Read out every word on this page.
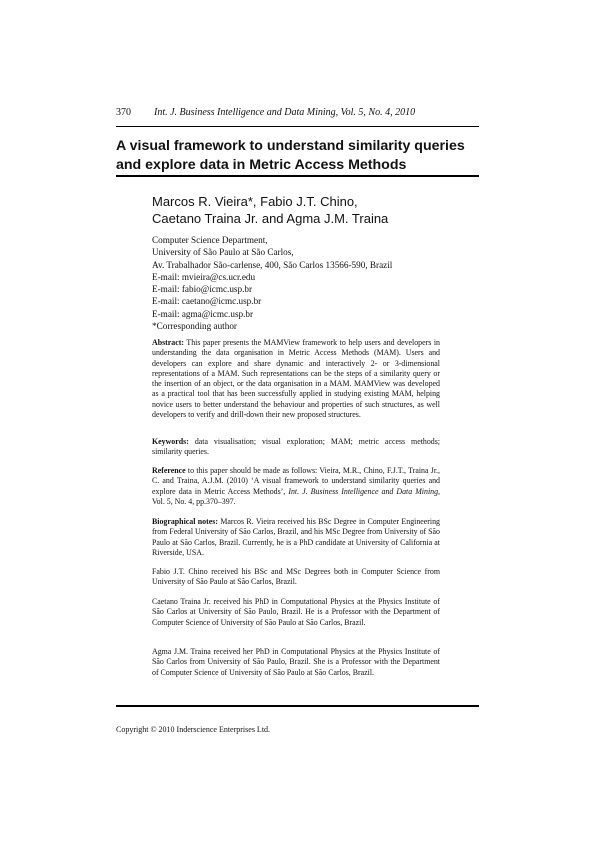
370 Int. J. Business Intelligence and Data Mining, Vol. 5, No. 4, 2010
A visual framework to understand similarity queries
and explore data in Metric Access Methods
Marcos R. Vieira*, Fabio J.T. Chino,
Caetano Traina Jr. and Agma J.M. Traina
Computer Science Department,
University of São Paulo at São Carlos,
Av. Trabalhador São-carlense, 400, São Carlos 13566-590, Brazil
E-mail: mvieira@cs.ucr.edu
E-mail: fabio@icmc.usp.br
E-mail: caetano@icmc.usp.br
E-mail: agma@icmc.usp.br
*Corresponding author
Abstract: This paper presents the MAMView framework to help users and developers in understanding the data organisation in Metric Access Methods (MAM). Users and developers can explore and share dynamic and interactively 2- or 3-dimensional representations of a MAM. Such representations can be the steps of a similarity query or the insertion of an object, or the data organisation in a MAM. MAMView was developed as a practical tool that has been successfully applied in studying existing MAM, helping novice users to better understand the behaviour and properties of such structures, as well developers to verify and drill-down their new proposed structures.
Keywords: data visualisation; visual exploration; MAM; metric access methods; similarity queries.
Reference to this paper should be made as follows: Vieira, M.R., Chino, F.J.T., Traina Jr., C. and Traina, A.J.M. (2010) ‘A visual framework to understand similarity queries and explore data in Metric Access Methods’, Int. J. Business Intelligence and Data Mining, Vol. 5, No. 4, pp.370–397.
Biographical notes: Marcos R. Vieira received his BSc Degree in Computer Engineering from Federal University of São Carlos, Brazil, and his MSc Degree from University of São Paulo at São Carlos, Brazil. Currently, he is a PhD candidate at University of California at Riverside, USA.
Fabio J.T. Chino received his BSc and MSc Degrees both in Computer Science from University of São Paulo at São Carlos, Brazil.
Caetano Traina Jr. received his PhD in Computational Physics at the Physics Institute of São Carlos at University of São Paulo, Brazil. He is a Professor with the Department of Computer Science of University of São Paulo at São Carlos, Brazil.
Agma J.M. Traina received her PhD in Computational Physics at the Physics Institute of São Carlos from University of São Paulo, Brazil. She is a Professor with the Department of Computer Science of University of São Paulo at São Carlos, Brazil.
Copyright © 2010 Inderscience Enterprises Ltd.
